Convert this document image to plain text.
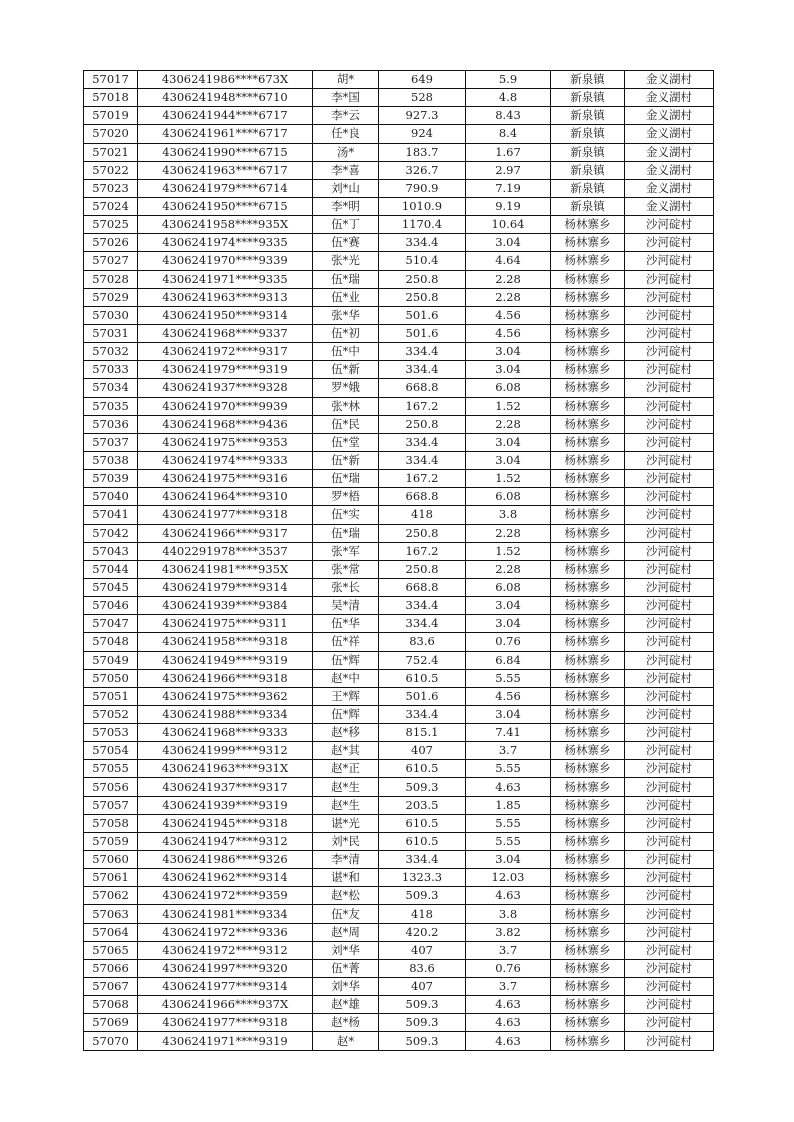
57017	4306241986****673X	胡*	649	5.9	新泉镇	金义湖村
57018	4306241948****6710	李*国	528	4.8	新泉镇	金义湖村
57019	4306241944****6717	李*云	927.3	8.43	新泉镇	金义湖村
57020	4306241961****6717	任*良	924	8.4	新泉镇	金义湖村
57021	4306241990****6715	汤*	183.7	1.67	新泉镇	金义湖村
57022	4306241963****6717	李*喜	326.7	2.97	新泉镇	金义湖村
57023	4306241979****6714	刘*山	790.9	7.19	新泉镇	金义湖村
57024	4306241950****6715	李*明	1010.9	9.19	新泉镇	金义湖村
57025	4306241958****935X	伍*丁	1170.4	10.64	杨林寨乡	沙河碇村
57026	4306241974****9335	伍*赛	334.4	3.04	杨林寨乡	沙河碇村
57027	4306241970****9339	张*光	510.4	4.64	杨林寨乡	沙河碇村
57028	4306241971****9335	伍*瑞	250.8	2.28	杨林寨乡	沙河碇村
57029	4306241963****9313	伍*业	250.8	2.28	杨林寨乡	沙河碇村
57030	4306241950****9314	张*华	501.6	4.56	杨林寨乡	沙河碇村
57031	4306241968****9337	伍*初	501.6	4.56	杨林寨乡	沙河碇村
57032	4306241972****9317	伍*中	334.4	3.04	杨林寨乡	沙河碇村
57033	4306241979****9319	伍*新	334.4	3.04	杨林寨乡	沙河碇村
57034	4306241937****9328	罗*娥	668.8	6.08	杨林寨乡	沙河碇村
57035	4306241970****9939	张*林	167.2	1.52	杨林寨乡	沙河碇村
57036	4306241968****9436	伍*民	250.8	2.28	杨林寨乡	沙河碇村
57037	4306241975****9353	伍*堂	334.4	3.04	杨林寨乡	沙河碇村
57038	4306241974****9333	伍*新	334.4	3.04	杨林寨乡	沙河碇村
57039	4306241975****9316	伍*瑞	167.2	1.52	杨林寨乡	沙河碇村
57040	4306241964****9310	罗*梧	668.8	6.08	杨林寨乡	沙河碇村
57041	4306241977****9318	伍*实	418	3.8	杨林寨乡	沙河碇村
57042	4306241966****9317	伍*瑞	250.8	2.28	杨林寨乡	沙河碇村
57043	4402291978****3537	张*军	167.2	1.52	杨林寨乡	沙河碇村
57044	4306241981****935X	张*常	250.8	2.28	杨林寨乡	沙河碇村
57045	4306241979****9314	张*长	668.8	6.08	杨林寨乡	沙河碇村
57046	4306241939****9384	吴*清	334.4	3.04	杨林寨乡	沙河碇村
57047	4306241975****9311	伍*华	334.4	3.04	杨林寨乡	沙河碇村
57048	4306241958****9318	伍*祥	83.6	0.76	杨林寨乡	沙河碇村
57049	4306241949****9319	伍*辉	752.4	6.84	杨林寨乡	沙河碇村
57050	4306241966****9318	赵*中	610.5	5.55	杨林寨乡	沙河碇村
57051	4306241975****9362	王*辉	501.6	4.56	杨林寨乡	沙河碇村
57052	4306241988****9334	伍*辉	334.4	3.04	杨林寨乡	沙河碇村
57053	4306241968****9333	赵*移	815.1	7.41	杨林寨乡	沙河碇村
57054	4306241999****9312	赵*其	407	3.7	杨林寨乡	沙河碇村
57055	4306241963****931X	赵*正	610.5	5.55	杨林寨乡	沙河碇村
57056	4306241937****9317	赵*生	509.3	4.63	杨林寨乡	沙河碇村
57057	4306241939****9319	赵*生	203.5	1.85	杨林寨乡	沙河碇村
57058	4306241945****9318	谌*光	610.5	5.55	杨林寨乡	沙河碇村
57059	4306241947****9312	刘*民	610.5	5.55	杨林寨乡	沙河碇村
57060	4306241986****9326	李*清	334.4	3.04	杨林寨乡	沙河碇村
57061	4306241962****9314	谌*和	1323.3	12.03	杨林寨乡	沙河碇村
57062	4306241972****9359	赵*松	509.3	4.63	杨林寨乡	沙河碇村
57063	4306241981****9334	伍*友	418	3.8	杨林寨乡	沙河碇村
57064	4306241972****9336	赵*周	420.2	3.82	杨林寨乡	沙河碇村
57065	4306241972****9312	刘*华	407	3.7	杨林寨乡	沙河碇村
57066	4306241997****9320	伍*菁	83.6	0.76	杨林寨乡	沙河碇村
57067	4306241977****9314	刘*华	407	3.7	杨林寨乡	沙河碇村
57068	4306241966****937X	赵*雄	509.3	4.63	杨林寨乡	沙河碇村
57069	4306241977****9318	赵*杨	509.3	4.63	杨林寨乡	沙河碇村
57070	4306241971****9319	赵*	509.3	4.63	杨林寨乡	沙河碇村
